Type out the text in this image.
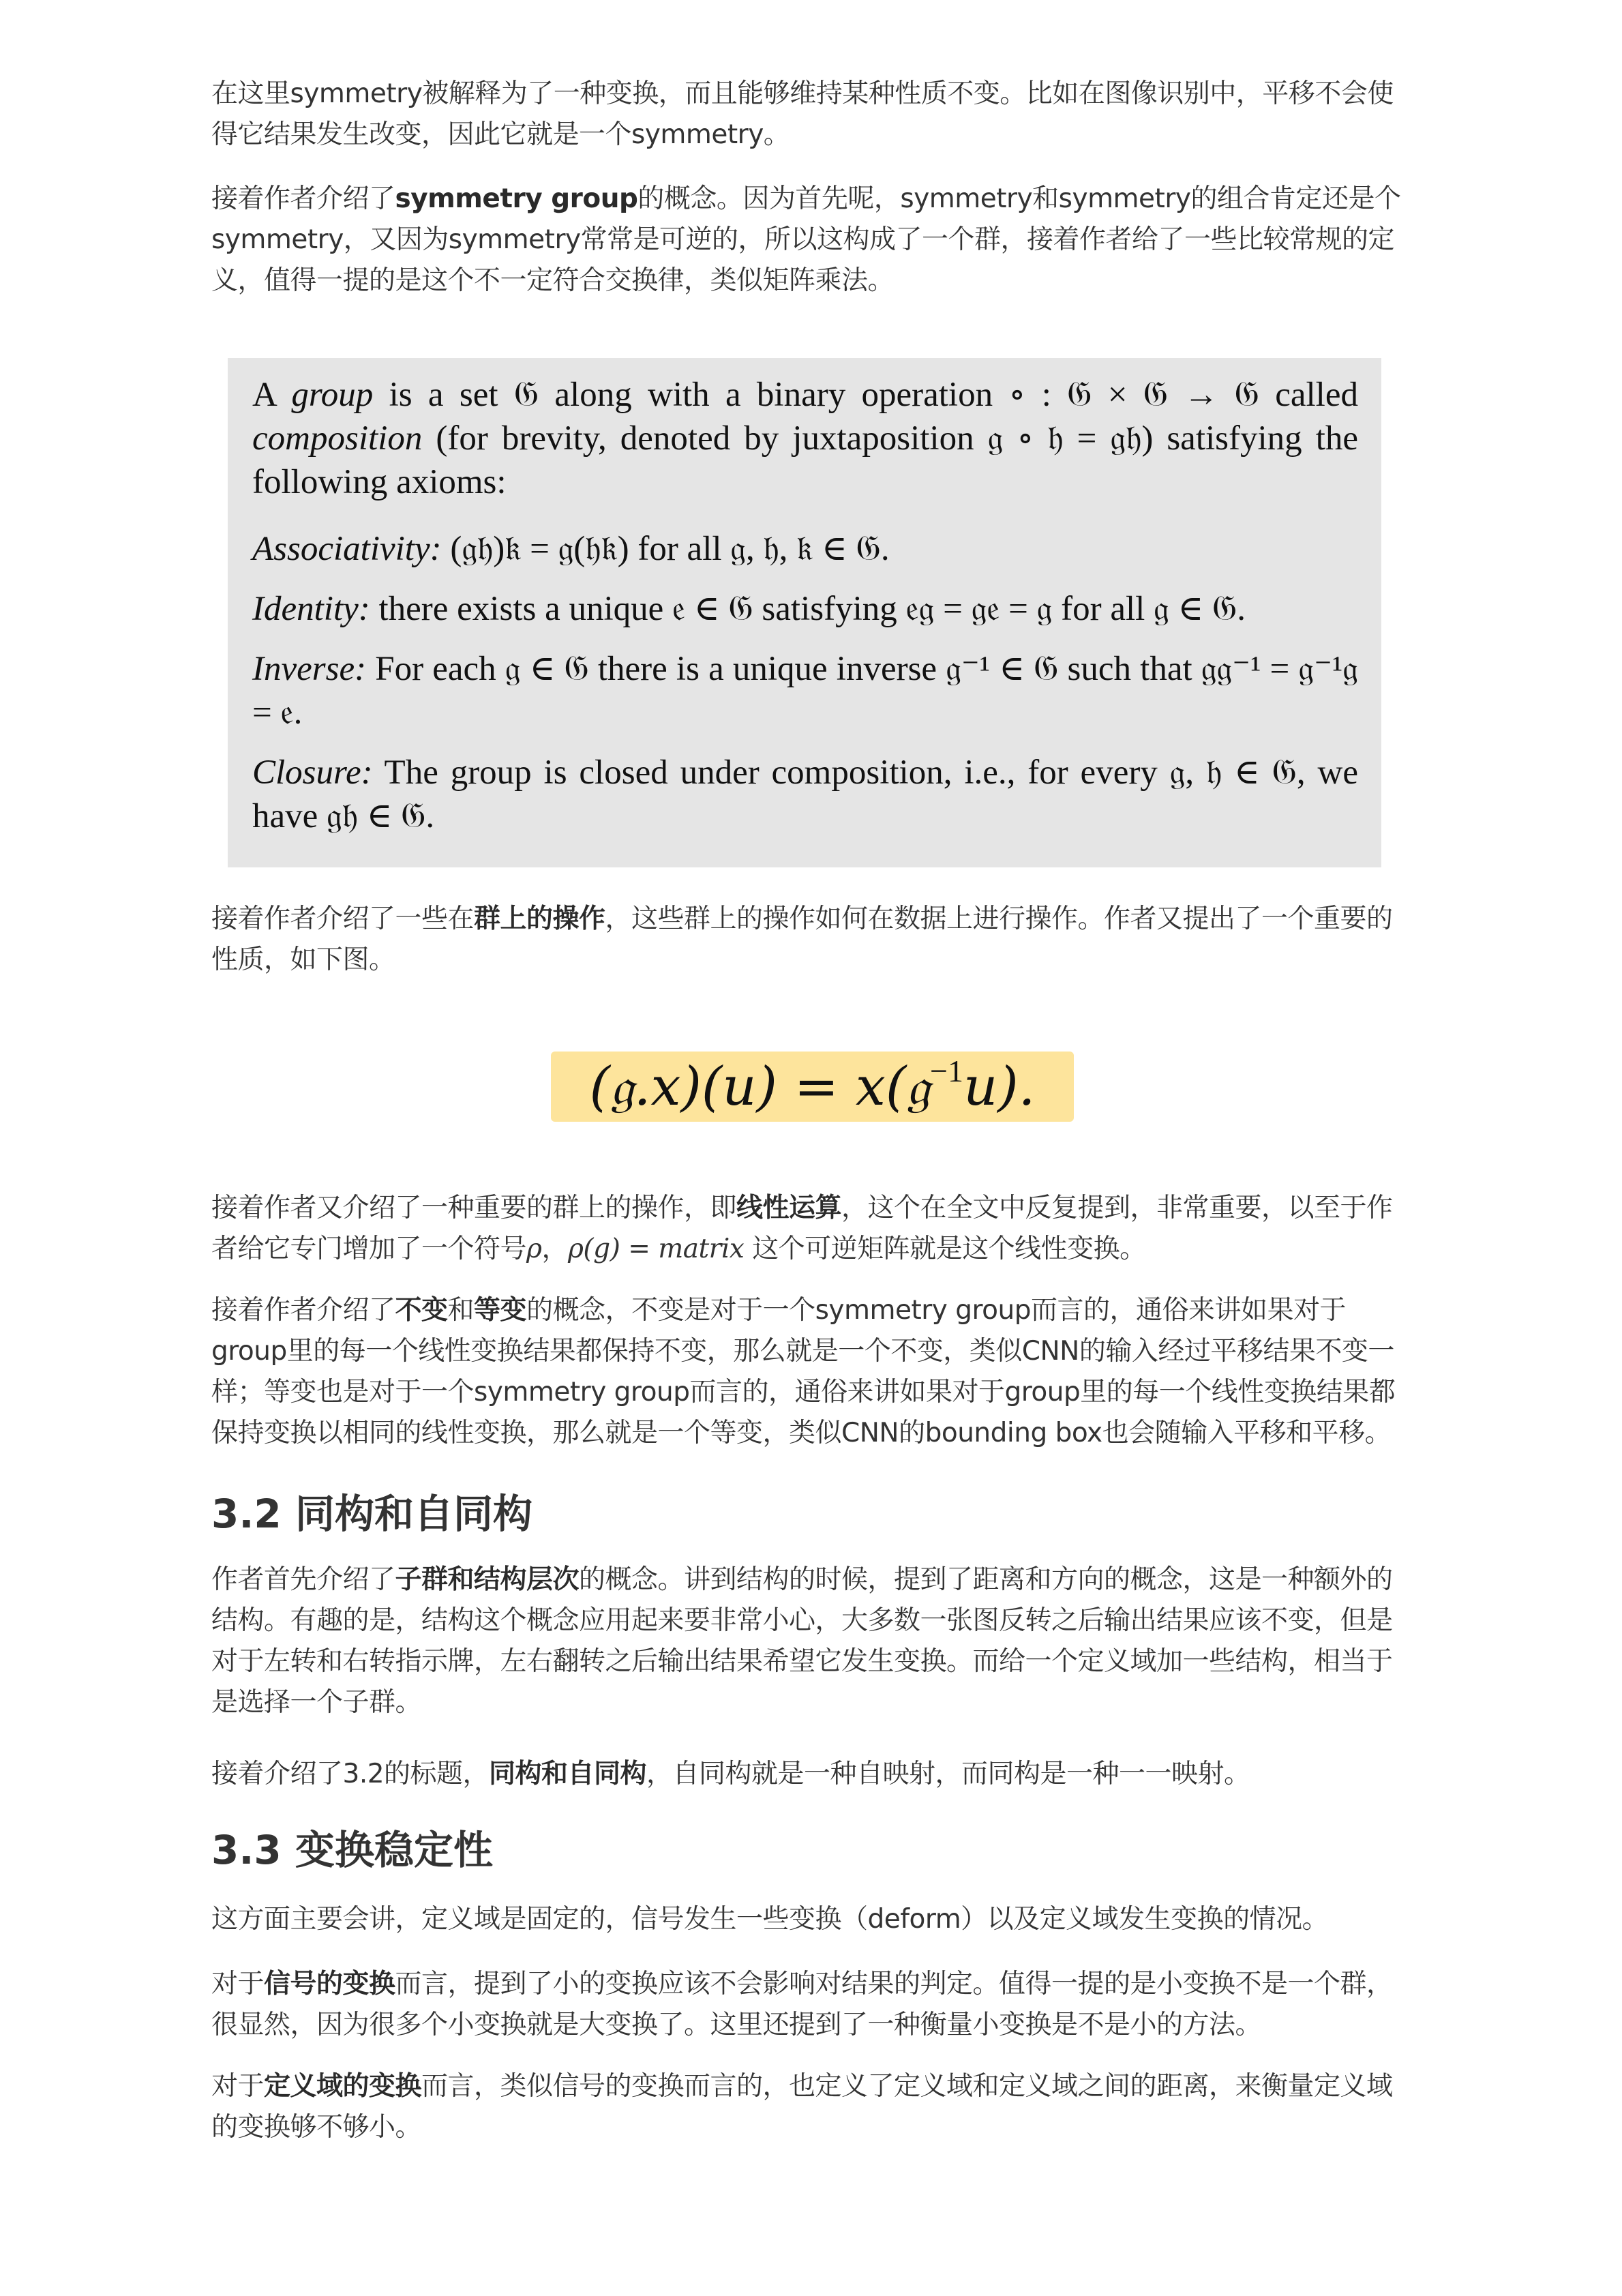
在这里symmetry被解释为了一种变换，而且能够维持某种性质不变。比如在图像识别中，平移不会使得它结果发生改变，因此它就是一个symmetry。

接着作者介绍了symmetry group的概念。因为首先呢，symmetry和symmetry的组合肯定还是个symmetry，又因为symmetry常常是可逆的，所以这构成了一个群，接着作者给了一些比较常规的定义，值得一提的是这个不一定符合交换律，类似矩阵乘法。

A group is a set 𝔊 along with a binary operation ∘ : 𝔊 × 𝔊 → 𝔊 called composition (for brevity, denoted by juxtaposition 𝔤 ∘ 𝔥 = 𝔤𝔥) satisfying the following axioms:

Associativity: (𝔤𝔥)𝔨 = 𝔤(𝔥𝔨) for all 𝔤, 𝔥, 𝔨 ∈ 𝔊.

Identity: there exists a unique 𝔢 ∈ 𝔊 satisfying 𝔢𝔤 = 𝔤𝔢 = 𝔤 for all 𝔤 ∈ 𝔊.

Inverse: For each 𝔤 ∈ 𝔊 there is a unique inverse 𝔤⁻¹ ∈ 𝔊 such that 𝔤𝔤⁻¹ = 𝔤⁻¹𝔤 = 𝔢.

Closure: The group is closed under composition, i.e., for every 𝔤, 𝔥 ∈ 𝔊, we have 𝔤𝔥 ∈ 𝔊.

接着作者介绍了一些在群上的操作，这些群上的操作如何在数据上进行操作。作者又提出了一个重要的性质，如下图。

(𝔤.x)(u) = x(𝔤$^{-1}$u).

接着作者又介绍了一种重要的群上的操作，即线性运算，这个在全文中反复提到，非常重要，以至于作者给它专门增加了一个符号ρ，ρ(g) = matrix 这个可逆矩阵就是这个线性变换。

接着作者介绍了不变和等变的概念，不变是对于一个symmetry group而言的，通俗来讲如果对于group里的每一个线性变换结果都保持不变，那么就是一个不变，类似CNN的输入经过平移结果不变一样；等变也是对于一个symmetry group而言的，通俗来讲如果对于group里的每一个线性变换结果都保持变换以相同的线性变换，那么就是一个等变，类似CNN的bounding box也会随输入平移和平移。

3.2 同构和自同构

作者首先介绍了子群和结构层次的概念。讲到结构的时候，提到了距离和方向的概念，这是一种额外的结构。有趣的是，结构这个概念应用起来要非常小心，大多数一张图反转之后输出结果应该不变，但是对于左转和右转指示牌，左右翻转之后输出结果希望它发生变换。而给一个定义域加一些结构，相当于是选择一个子群。

接着介绍了3.2的标题，同构和自同构，自同构就是一种自映射，而同构是一种一一映射。

3.3 变换稳定性

这方面主要会讲，定义域是固定的，信号发生一些变换（deform）以及定义域发生变换的情况。

对于信号的变换而言，提到了小的变换应该不会影响对结果的判定。值得一提的是小变换不是一个群，很显然，因为很多个小变换就是大变换了。这里还提到了一种衡量小变换是不是小的方法。

对于定义域的变换而言，类似信号的变换而言的，也定义了定义域和定义域之间的距离，来衡量定义域的变换够不够小。
